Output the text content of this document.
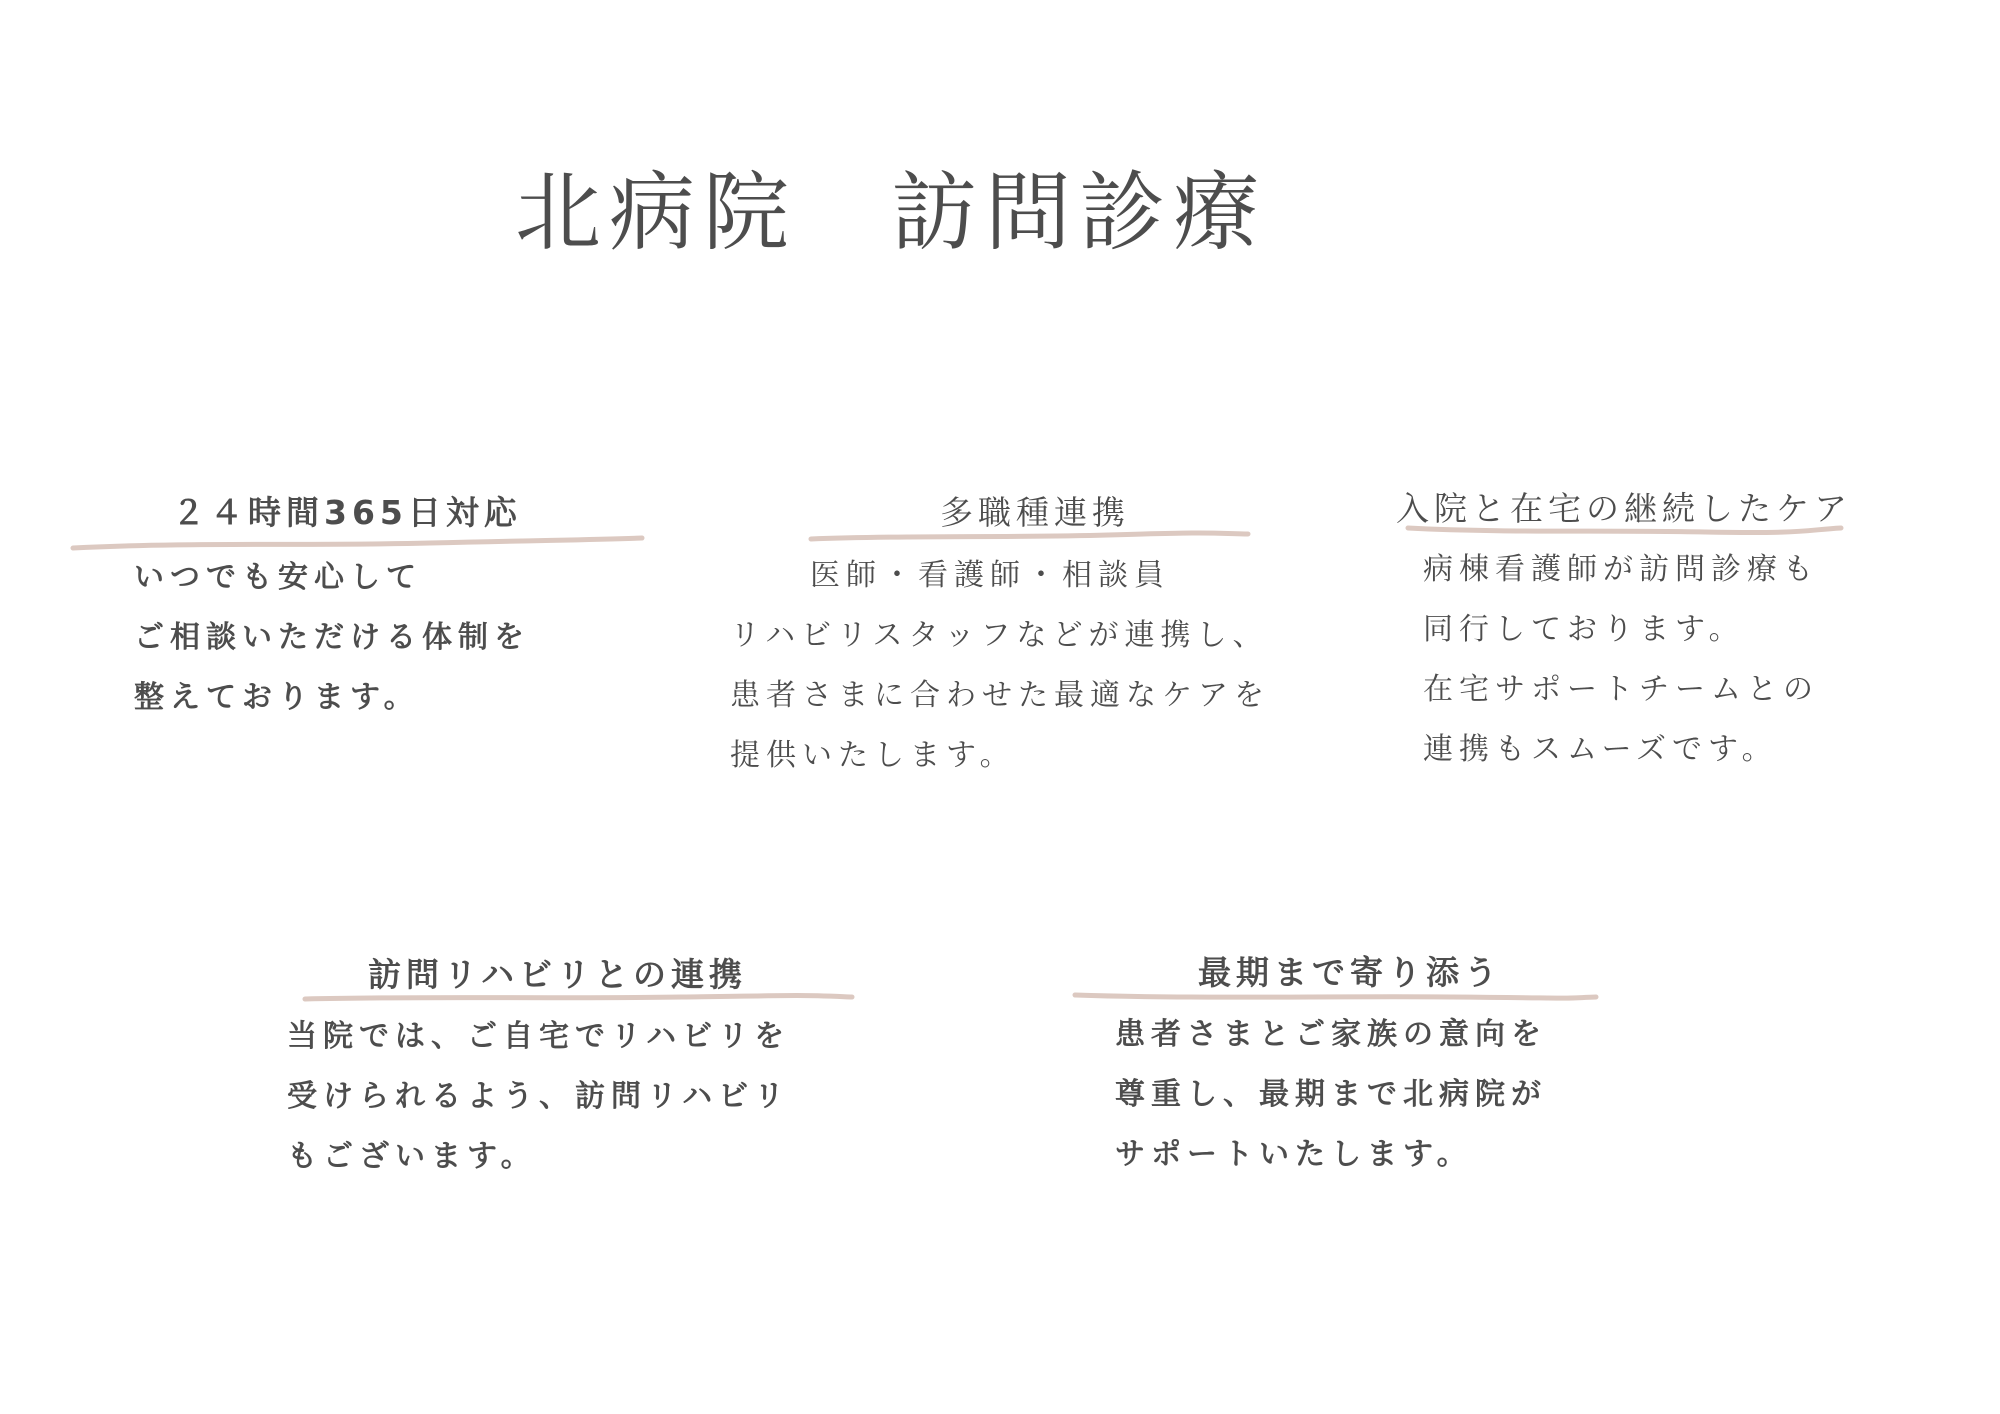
北病院　訪問診療
２４時間365日対応
いつでも安心して
ご相談いただける体制を
整えております。
多職種連携
医師・看護師・相談員
リハビリスタッフなどが連携し、
患者さまに合わせた最適なケアを
提供いたします。
入院と在宅の継続したケア
病棟看護師が訪問診療も
同行しております。
在宅サポートチームとの
連携もスムーズです。
訪問リハビリとの連携
当院では、ご自宅でリハビリを
受けられるよう、訪問リハビリ
もございます。
最期まで寄り添う
患者さまとご家族の意向を
尊重し、最期まで北病院が
サポートいたします。
